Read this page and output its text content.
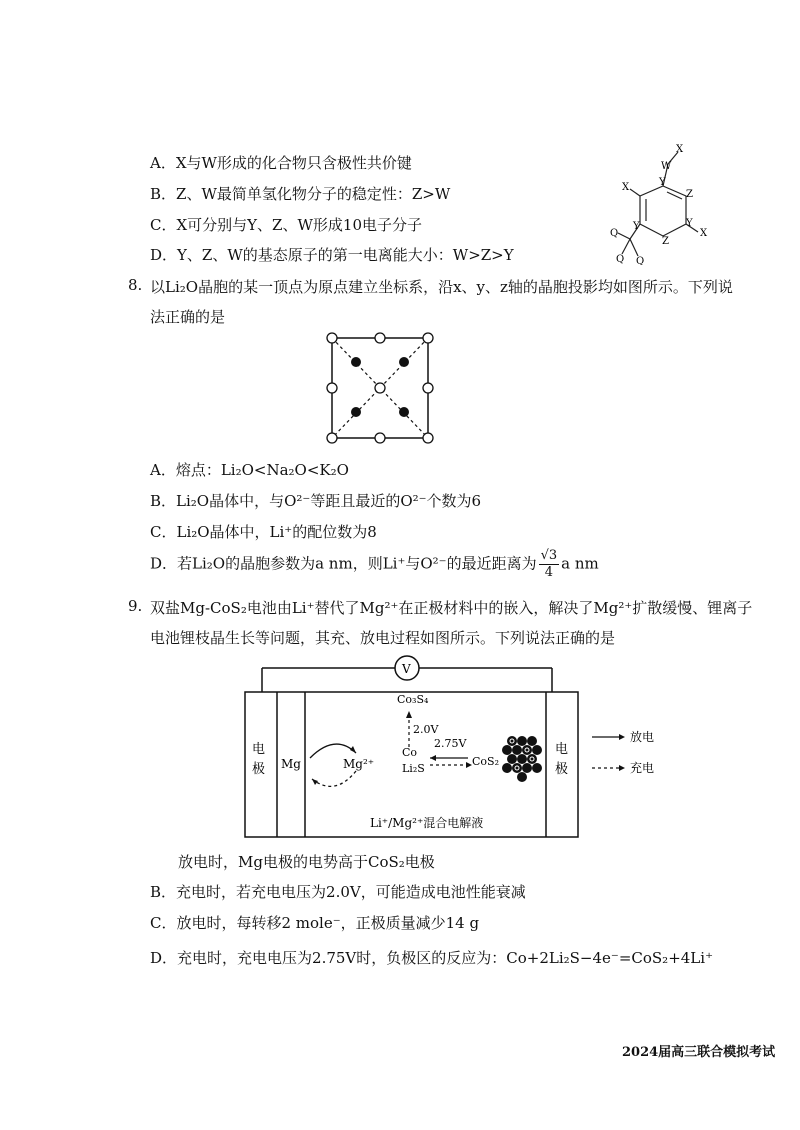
A．X与W形成的化合物只含极性共价键
B．Z、W最简单氢化物分子的稳定性：Z>W
C．X可分别与Y、Z、W形成10电子分子
D．Y、Z、W的基态原子的第一电离能大小：W>Z>Y
W
X
Y
Z
X
Y
X
Z
Y
Q
Q Q
8. 以Li₂O晶胞的某一顶点为原点建立坐标系，沿x、y、z轴的晶胞投影均如图所示。下列说
法正确的是
A．熔点：Li₂O<Na₂O<K₂O
B．Li₂O晶体中，与O²⁻等距且最近的O²⁻个数为6
C．Li₂O晶体中，Li⁺的配位数为8
D．若Li₂O的晶胞参数为a nm，则Li⁺与O²⁻的最近距离为 $\frac{√3}{4}$ a nm
9. 双盐Mg-CoS₂电池由Li⁺替代了Mg²⁺在正极材料中的嵌入，解决了Mg²⁺扩散缓慢、锂离子
电池锂枝晶生长等问题，其充、放电过程如图所示。下列说法正确的是
V
电
极
电
极
Mg	Mg²⁺
Co₃S₄
2.0V
2.75V
Co
Li₂S
CoS₂
放电
充电
Li⁺/Mg²⁺混合电解液
放电时，Mg电极的电势高于CoS₂电极
B．充电时，若充电电压为2.0V，可能造成电池性能衰减
C．放电时，每转移2 mole⁻，正极质量减少14 g
D．充电时，充电电压为2.75V时，负极区的反应为：Co+2Li₂S−4e⁻=CoS₂+4Li⁺
2024届高三联合模拟考试
